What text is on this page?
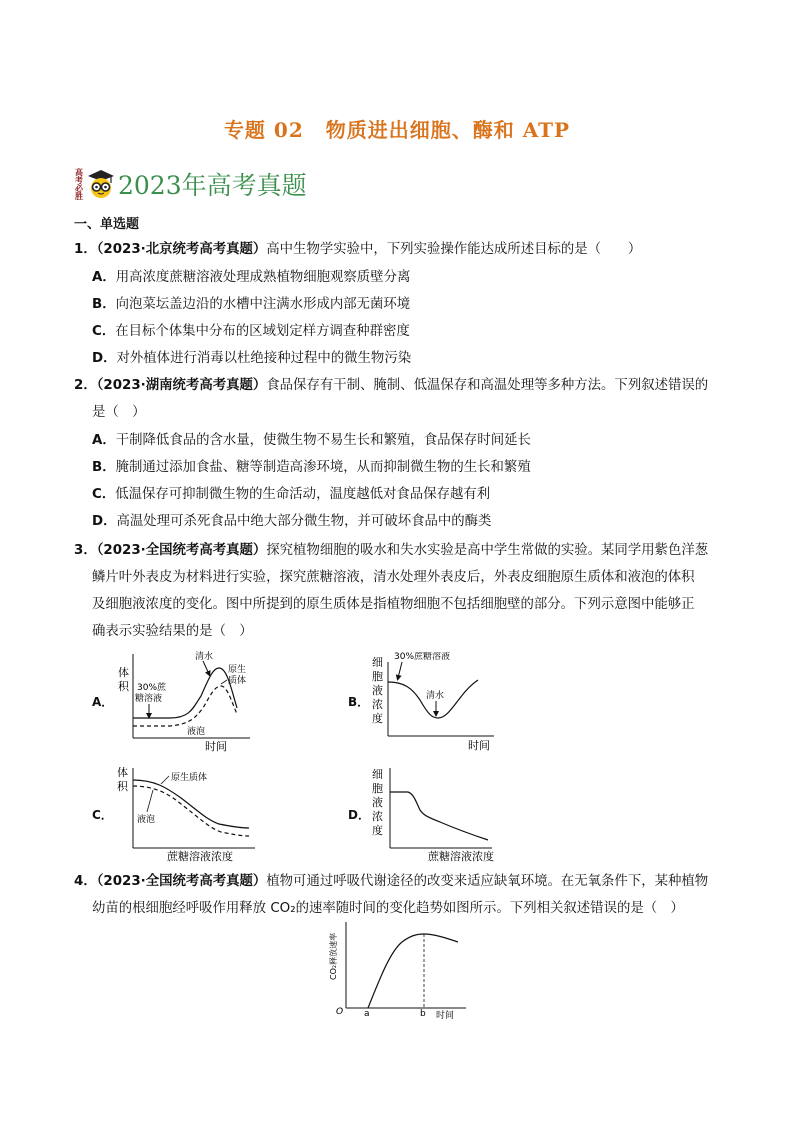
专题 02 物质进出细胞、酶和 ATP
高考必胜 2023年高考真题
一、单选题
1．（2023·北京统考高考真题）高中生物学实验中，下列实验操作能达成所述目标的是（　　）
A．用高浓度蔗糖溶液处理成熟植物细胞观察质壁分离
B．向泡菜坛盖边沿的水槽中注满水形成内部无菌环境
C．在目标个体集中分布的区域划定样方调查种群密度
D．对外植体进行消毒以杜绝接种过程中的微生物污染
2．（2023·湖南统考高考真题）食品保存有干制、腌制、低温保存和高温处理等多种方法。下列叙述错误的
是（　）
A．干制降低食品的含水量，使微生物不易生长和繁殖，食品保存时间延长
B．腌制通过添加食盐、糖等制造高渗环境，从而抑制微生物的生长和繁殖
C．低温保存可抑制微生物的生命活动，温度越低对食品保存越有利
D．高温处理可杀死食品中绝大部分微生物，并可破坏食品中的酶类
3．（2023·全国统考高考真题）探究植物细胞的吸水和失水实验是高中学生常做的实验。某同学用紫色洋葱
鳞片叶外表皮为材料进行实验，探究蔗糖溶液，清水处理外表皮后，外表皮细胞原生质体和液泡的体积
及细胞液浓度的变化。图中所提到的原生质体是指植物细胞不包括细胞壁的部分。下列示意图中能够正
确表示实验结果的是（　）
A．
体
积
时间
30%蔗
糖溶液
清水
原生
质体
液泡
B．
细
胞
液
浓
度
时间
30%蔗糖溶液
清水
C．
体
积
蔗糖溶液浓度
原生质体
液泡	D．
细
胞
液
浓
度
蔗糖溶液浓度
4．（2023·全国统考高考真题）植物可通过呼吸代谢途径的改变来适应缺氧环境。在无氧条件下，某种植物
幼苗的根细胞经呼吸作用释放 CO₂的速率随时间的变化趋势如图所示。下列相关叙述错误的是（　）
CO₂释放速率
O a	b 时间
